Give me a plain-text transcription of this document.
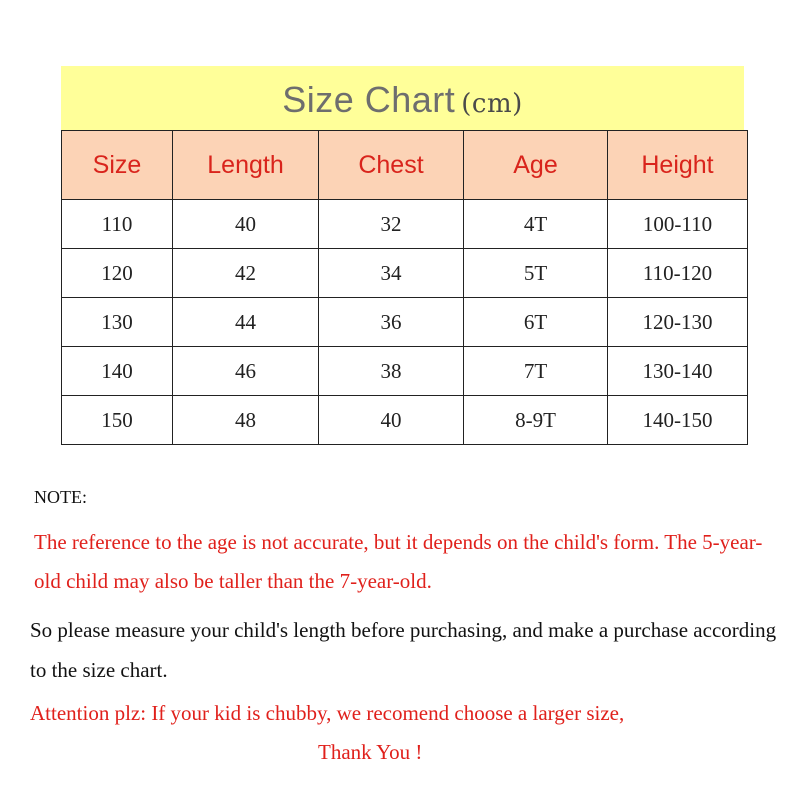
Size Chart (cm)
Size	Length	Chest	Age	Height
110	40	32	4T	100-110
120	42	34	5T	110-120
130	44	36	6T	120-130
140	46	38	7T	130-140
150	48	40	8-9T	140-150
NOTE:
The reference to the age is not accurate, but it depends on the child's form. The 5-year-old child may also be taller than the 7-year-old.
So please measure your child's length before purchasing, and make a purchase according to the size chart.
Attention plz: If your kid is chubby, we recomend choose a larger size,
Thank You !
